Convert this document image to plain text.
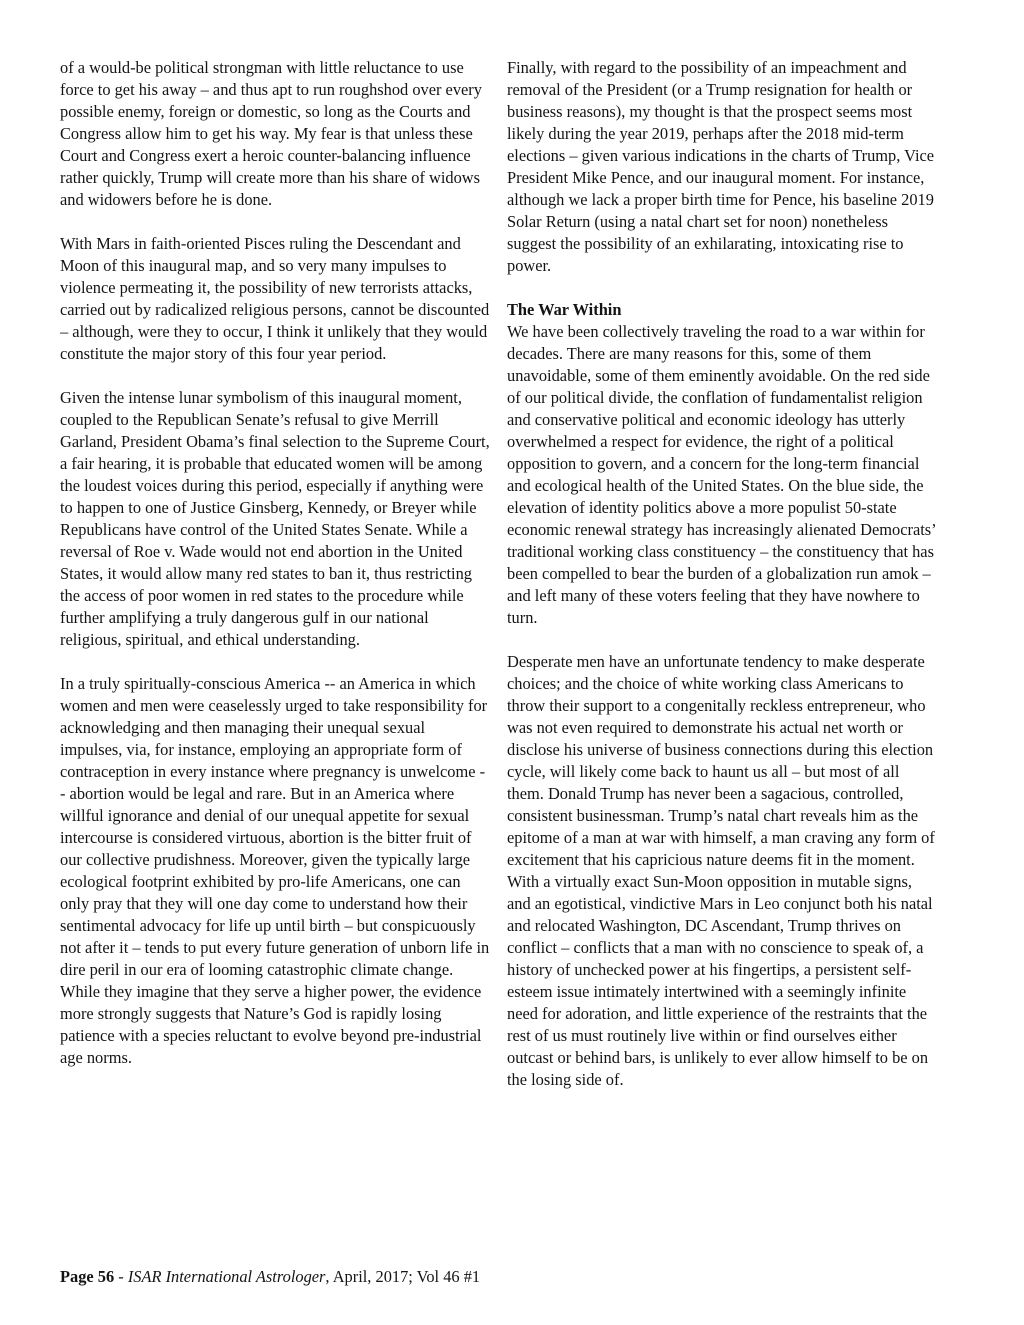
of a would-be political strongman with little reluctance to use force to get his away – and thus apt to run roughshod over every possible enemy, foreign or domestic, so long as the Courts and Congress allow him to get his way. My fear is that unless these Court and Congress exert a heroic counter-balancing influence rather quickly, Trump will create more than his share of widows and widowers before he is done.

With Mars in faith-oriented Pisces ruling the Descendant and Moon of this inaugural map, and so very many impulses to violence permeating it, the possibility of new terrorists attacks, carried out by radicalized religious persons, cannot be discounted – although, were they to occur, I think it unlikely that they would constitute the major story of this four year period.

Given the intense lunar symbolism of this inaugural moment, coupled to the Republican Senate’s refusal to give Merrill Garland, President Obama’s final selection to the Supreme Court, a fair hearing, it is probable that educated women will be among the loudest voices during this period, especially if anything were to happen to one of Justice Ginsberg, Kennedy, or Breyer while Republicans have control of the United States Senate. While a reversal of Roe v. Wade would not end abortion in the United States, it would allow many red states to ban it, thus restricting the access of poor women in red states to the procedure while further amplifying a truly dangerous gulf in our national religious, spiritual, and ethical understanding.

In a truly spiritually-conscious America -- an America in which women and men were ceaselessly urged to take responsibility for acknowledging and then managing their unequal sexual impulses, via, for instance, employing an appropriate form of contraception in every instance where pregnancy is unwelcome -- abortion would be legal and rare. But in an America where willful ignorance and denial of our unequal appetite for sexual intercourse is considered virtuous, abortion is the bitter fruit of our collective prudishness. Moreover, given the typically large ecological footprint exhibited by pro-life Americans, one can only pray that they will one day come to understand how their sentimental advocacy for life up until birth – but conspicuously not after it – tends to put every future generation of unborn life in dire peril in our era of looming catastrophic climate change. While they imagine that they serve a higher power, the evidence more strongly suggests that Nature’s God is rapidly losing patience with a species reluctant to evolve beyond pre-industrial age norms.

Finally, with regard to the possibility of an impeachment and removal of the President (or a Trump resignation for health or business reasons), my thought is that the prospect seems most likely during the year 2019, perhaps after the 2018 mid-term elections – given various indications in the charts of Trump, Vice President Mike Pence, and our inaugural moment. For instance, although we lack a proper birth time for Pence, his baseline 2019 Solar Return (using a natal chart set for noon) nonetheless suggest the possibility of an exhilarating, intoxicating rise to power.

The War Within

We have been collectively traveling the road to a war within for decades. There are many reasons for this, some of them unavoidable, some of them eminently avoidable. On the red side of our political divide, the conflation of fundamentalist religion and conservative political and economic ideology has utterly overwhelmed a respect for evidence, the right of a political opposition to govern, and a concern for the long-term financial and ecological health of the United States. On the blue side, the elevation of identity politics above a more populist 50-state economic renewal strategy has increasingly alienated Democrats’ traditional working class constituency – the constituency that has been compelled to bear the burden of a globalization run amok – and left many of these voters feeling that they have nowhere to turn.

Desperate men have an unfortunate tendency to make desperate choices; and the choice of white working class Americans to throw their support to a congenitally reckless entrepreneur, who was not even required to demonstrate his actual net worth or disclose his universe of business connections during this election cycle, will likely come back to haunt us all – but most of all them. Donald Trump has never been a sagacious, controlled, consistent businessman. Trump’s natal chart reveals him as the epitome of a man at war with himself, a man craving any form of excitement that his capricious nature deems fit in the moment. With a virtually exact Sun-Moon opposition in mutable signs, and an egotistical, vindictive Mars in Leo conjunct both his natal and relocated Washington, DC Ascendant, Trump thrives on conflict – conflicts that a man with no conscience to speak of, a history of unchecked power at his fingertips, a persistent self-esteem issue intimately intertwined with a seemingly infinite need for adoration, and little experience of the restraints that the rest of us must routinely live within or find ourselves either outcast or behind bars, is unlikely to ever allow himself to be on the losing side of.

Page 56 - ISAR International Astrologer, April, 2017; Vol 46 #1
